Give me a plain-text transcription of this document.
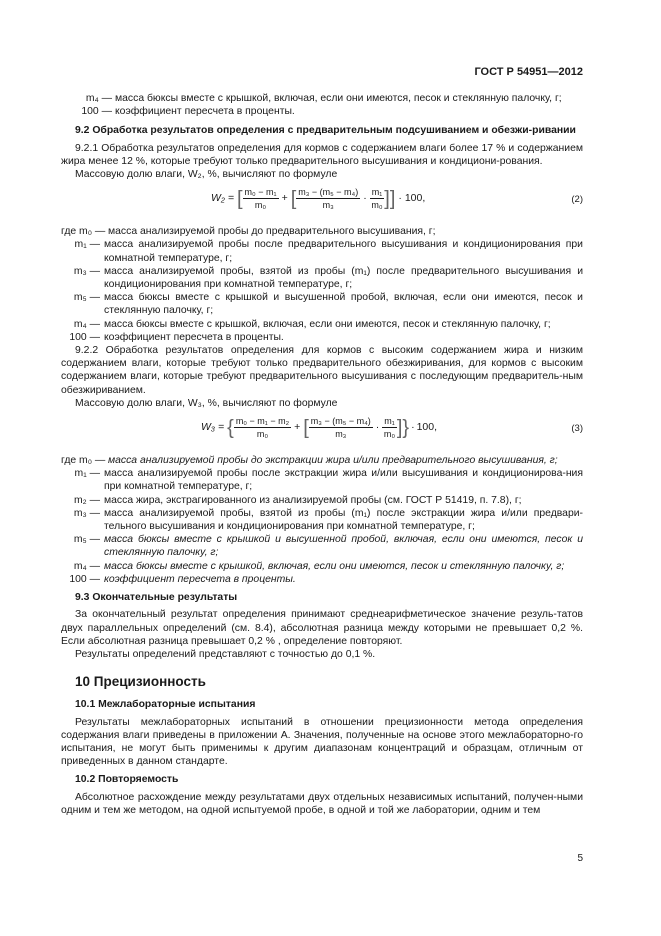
ГОСТ Р 54951—2012
m₄ — масса бюксы вместе с крышкой, включая, если они имеются, песок и стеклянную палочку, г;
100 — коэффициент пересчета в проценты.
9.2 Обработка результатов определения с предварительным подсушиванием и обезжи-ривании
9.2.1 Обработка результатов определения для кормов с содержанием влаги более 17 % и содержанием жира менее 12 %, которые требуют только предварительного высушивания и кондициони-рования.
Массовую долю влаги, W₂, %, вычисляют по формуле
W₂ = [ $\frac{\text{m₀ − m₁}}{\text{m₀}}$ + [ $\frac{\text{m₃ − (m₅ − m₄)}}{\text{m₃}} \cdot \frac{\text{m₁}}{\text{m₀}}$ ]] · 100,	(2)
где m₀ — масса анализируемой пробы до предварительного высушивания, г;
m₁ — масса анализируемой пробы после предварительного высушивания и кондиционирования при комнатной температуре, г;
m₃ — масса анализируемой пробы, взятой из пробы (m₁) после предварительного высушивания и кондиционирования при комнатной температуре, г;
m₅ — масса бюксы вместе с крышкой и высушенной пробой, включая, если они имеются, песок и стеклянную палочку, г;
m₄ — масса бюксы вместе с крышкой, включая, если они имеются, песок и стеклянную палочку, г;
100 — коэффициент пересчета в проценты.
9.2.2 Обработка результатов определения для кормов с высоким содержанием жира и низким содержанием влаги, которые требуют только предварительного обезжиривания, для кормов с высоким содержанием влаги, которые требуют предварительного высушивания с последующим предваритель-ным обезжириванием.
Массовую долю влаги, W₃, %, вычисляют по формуле
W₃ = { $\frac{\text{m₀ − m₁ − m₂}}{\text{m₀}}$ + [ $\frac{\text{m₃ − (m₅ − m₄)}}{\text{m₃}} \cdot \frac{\text{m₁}}{\text{m₀}}$ ]} · 100,	(3)
где m₀ — масса анализируемой пробы до экстракции жира и/или предварительного высушивания, г;
m₁ — масса анализируемой пробы после экстракции жира и/или высушивания и кондиционирова-ния при комнатной температуре, г;
m₂ — масса жира, экстрагированного из анализируемой пробы (см. ГОСТ Р 51419, п. 7.8), г;
m₃ — масса анализируемой пробы, взятой из пробы (m₁) после экстракции жира и/или предвари-тельного высушивания и кондиционирования при комнатной температуре, г;
m₅ — масса бюксы вместе с крышкой и высушенной пробой, включая, если они имеются, песок и стеклянную палочку, г;
m₄ — масса бюксы вместе с крышкой, включая, если они имеются, песок и стеклянную палочку, г;
100 — коэффициент пересчета в проценты.
9.3 Окончательные результаты
За окончательный результат определения принимают среднеарифметическое значение резуль-татов двух параллельных определений (см. 8.4), абсолютная разница между которыми не превышает 0,2 %. Если абсолютная разница превышает 0,2 % , определение повторяют.
Результаты определений представляют с точностью до 0,1 %.
10 Прецизионность
10.1 Межлабораторные испытания
Результаты межлабораторных испытаний в отношении прецизионности метода определения содержания влаги приведены в приложении А. Значения, полученные на основе этого межлабораторно-го испытания, не могут быть применимы к другим диапазонам концентраций и образцам, отличным от приведенных в данном стандарте.
10.2 Повторяемость
Абсолютное расхождение между результатами двух отдельных независимых испытаний, получен-ными одним и тем же методом, на одной испытуемой пробе, в одной и той же лаборатории, одним и тем
5
